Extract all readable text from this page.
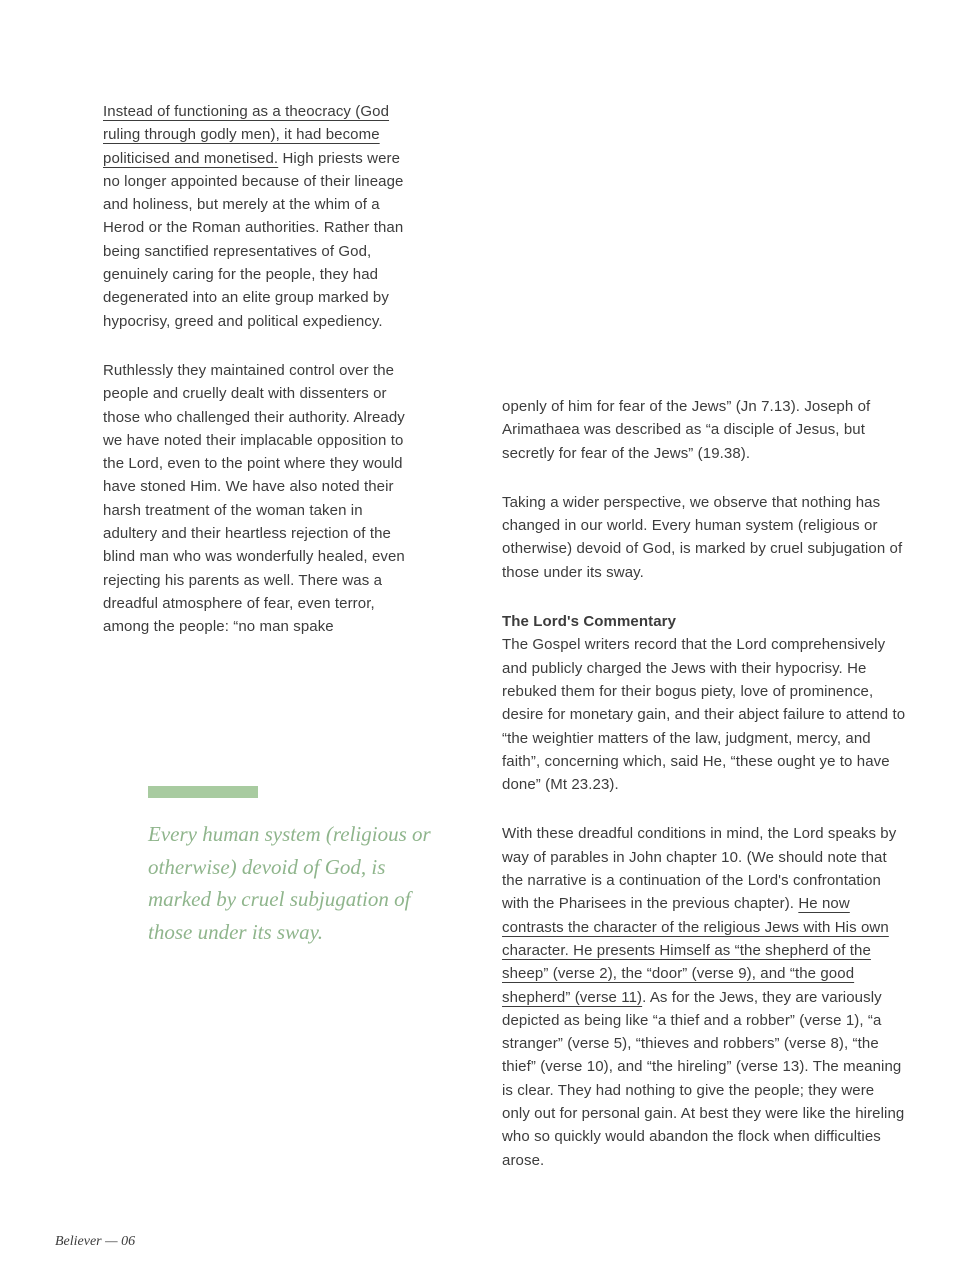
Instead of functioning as a theocracy (God ruling through godly men), it had become politicised and monetised. High priests were no longer appointed because of their lineage and holiness, but merely at the whim of a Herod or the Roman authorities. Rather than being sanctified representatives of God, genuinely caring for the people, they had degenerated into an elite group marked by hypocrisy, greed and political expediency.

Ruthlessly they maintained control over the people and cruelly dealt with dissenters or those who challenged their authority. Already we have noted their implacable opposition to the Lord, even to the point where they would have stoned Him. We have also noted their harsh treatment of the woman taken in adultery and their heartless rejection of the blind man who was wonderfully healed, even rejecting his parents as well. There was a dreadful atmosphere of fear, even terror, among the people: “no man spake

Every human system (religious or otherwise) devoid of God, is marked by cruel subjugation of those under its sway.

openly of him for fear of the Jews” (Jn 7.13). Joseph of Arimathaea was described as “a disciple of Jesus, but secretly for fear of the Jews” (19.38).

Taking a wider perspective, we observe that nothing has changed in our world. Every human system (religious or otherwise) devoid of God, is marked by cruel subjugation of those under its sway.

The Lord's Commentary

The Gospel writers record that the Lord comprehensively and publicly charged the Jews with their hypocrisy. He rebuked them for their bogus piety, love of prominence, desire for monetary gain, and their abject failure to attend to “the weightier matters of the law, judgment, mercy, and faith”, concerning which, said He, “these ought ye to have done” (Mt 23.23).

With these dreadful conditions in mind, the Lord speaks by way of parables in John chapter 10. (We should note that the narrative is a continuation of the Lord's confrontation with the Pharisees in the previous chapter). He now contrasts the character of the religious Jews with His own character. He presents Himself as “the shepherd of the sheep” (verse 2), the “door” (verse 9), and “the good shepherd” (verse 11). As for the Jews, they are variously depicted as being like “a thief and a robber” (verse 1), “a stranger” (verse 5), “thieves and robbers” (verse 8), “the thief” (verse 10), and “the hireling” (verse 13). The meaning is clear. They had nothing to give the people; they were only out for personal gain. At best they were like the hireling who so quickly would abandon the flock when difficulties arose.

Believer — 06
